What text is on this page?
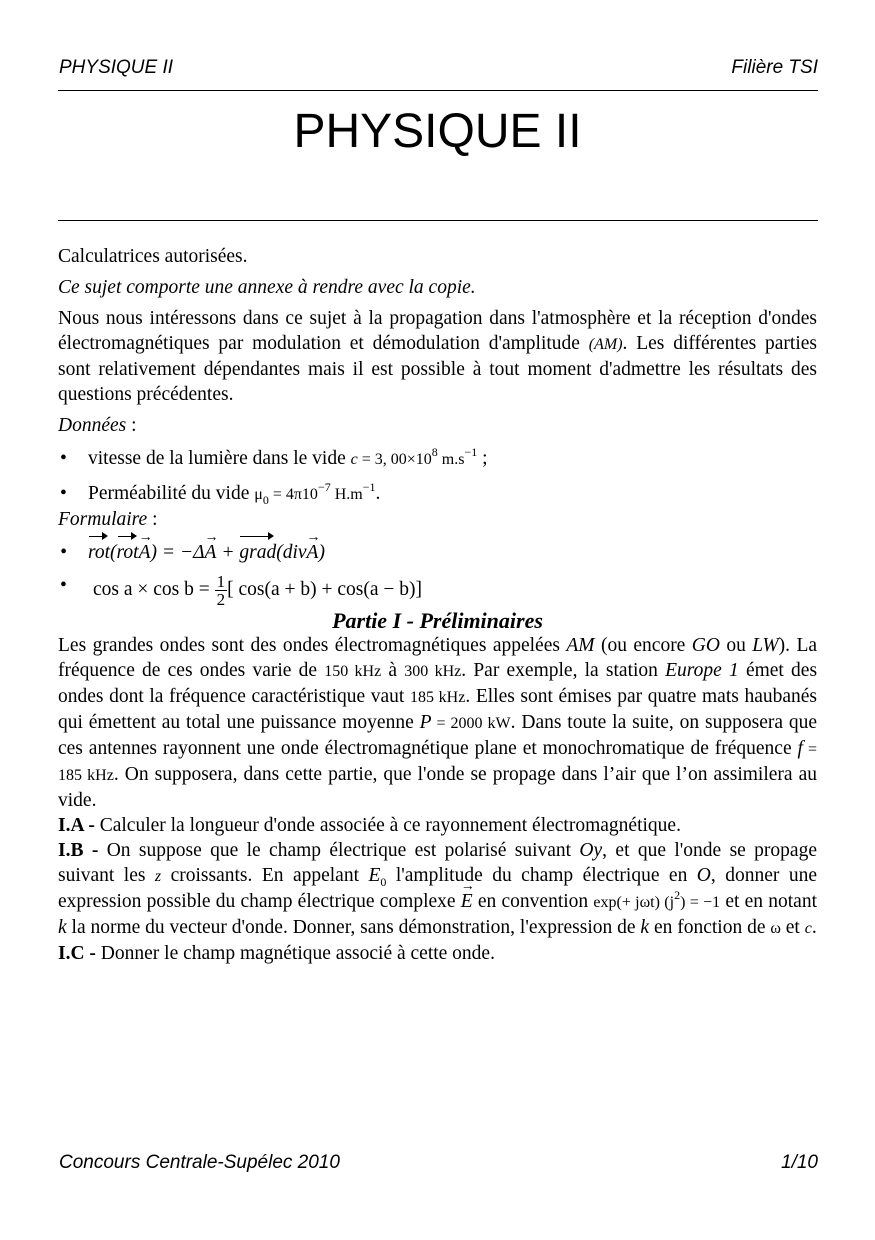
PHYSIQUE II	Filière TSI
PHYSIQUE II

Calculatrices autorisées.

Ce sujet comporte une annexe à rendre avec la copie.

Nous nous intéressons dans ce sujet à la propagation dans l'atmosphère et la réception d'ondes électromagnétiques par modulation et démodulation d'amplitude (AM). Les différentes parties sont relativement dépendantes mais il est possible à tout moment d'admettre les résultats des questions précédentes.

Données :

• vitesse de la lumière dans le vide c = 3, $00\times 10^8$ $m.s^{-1}$ ;

• Perméabilité du vide $\mu_0 = 4\pi 10^{-7}$ $H.m^{-1}$.

Formulaire :

• rot(rot→ A) = −Δ→ A + grad(div→ A)

• $\cos a \times \cos b = \frac{1}{2}$ [ cos(a + b) + cos(a − b)]

Partie I - Préliminaires

Les grandes ondes sont des ondes électromagnétiques appelées AM (ou encore GO ou LW). La fréquence de ces ondes varie de 150 kHz à 300 kHz. Par exemple, la station Europe 1 émet des ondes dont la fréquence caractéristique vaut 185 kHz. Elles sont émises par quatre mats haubanés qui émettent au total une puissance moyenne P = 2000 kW. Dans toute la suite, on supposera que ces antennes rayonnent une onde électromagnétique plane et monochromatique de fréquence f = 185 kHz. On supposera, dans cette partie, que l'onde se propage dans l’air que l’on assimilera au vide.

I.A - Calculer la longueur d'onde associée à ce rayonnement électromagnétique.

I.B - On suppose que le champ électrique est polarisé suivant Oy, et que l'onde se propage suivant les z croissants. En appelant $E_0$ l'amplitude du champ électrique en O, donner une expression possible du champ électrique complexe → E en convention exp(+ jωt) $(j^2) = -1$ et en notant k la norme du vecteur d'onde. Donner, sans démonstration, l'expression de k en fonction de ω et c.

I.C - Donner le champ magnétique associé à cette onde.

Concours Centrale-Supélec 2010	1/10
